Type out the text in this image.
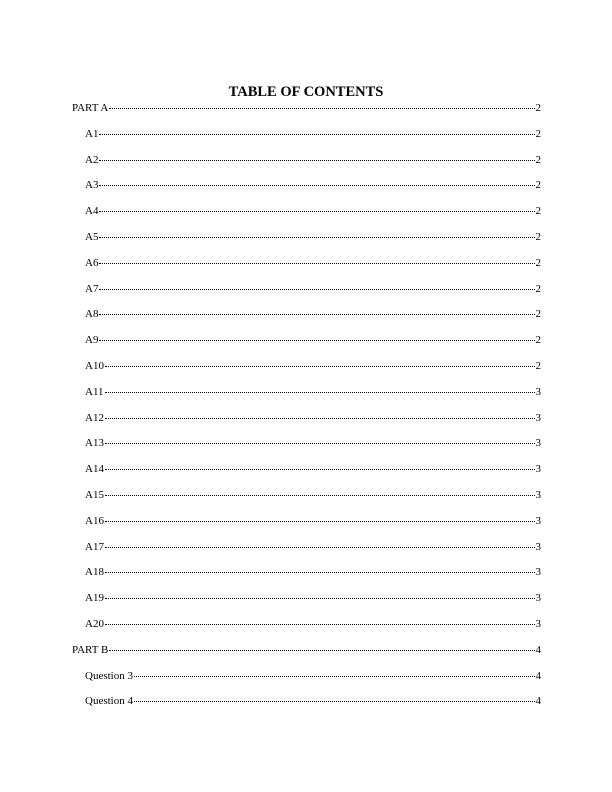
TABLE OF CONTENTS
PART A	2
A1	2
A2	2
A3	2
A4	2
A5	2
A6	2
A7	2
A8	2
A9	2
A10	2
A11	3
A12	3
A13	3
A14	3
A15	3
A16	3
A17	3
A18	3
A19	3
A20	3
PART B	4
Question 3	4
Question 4	4
